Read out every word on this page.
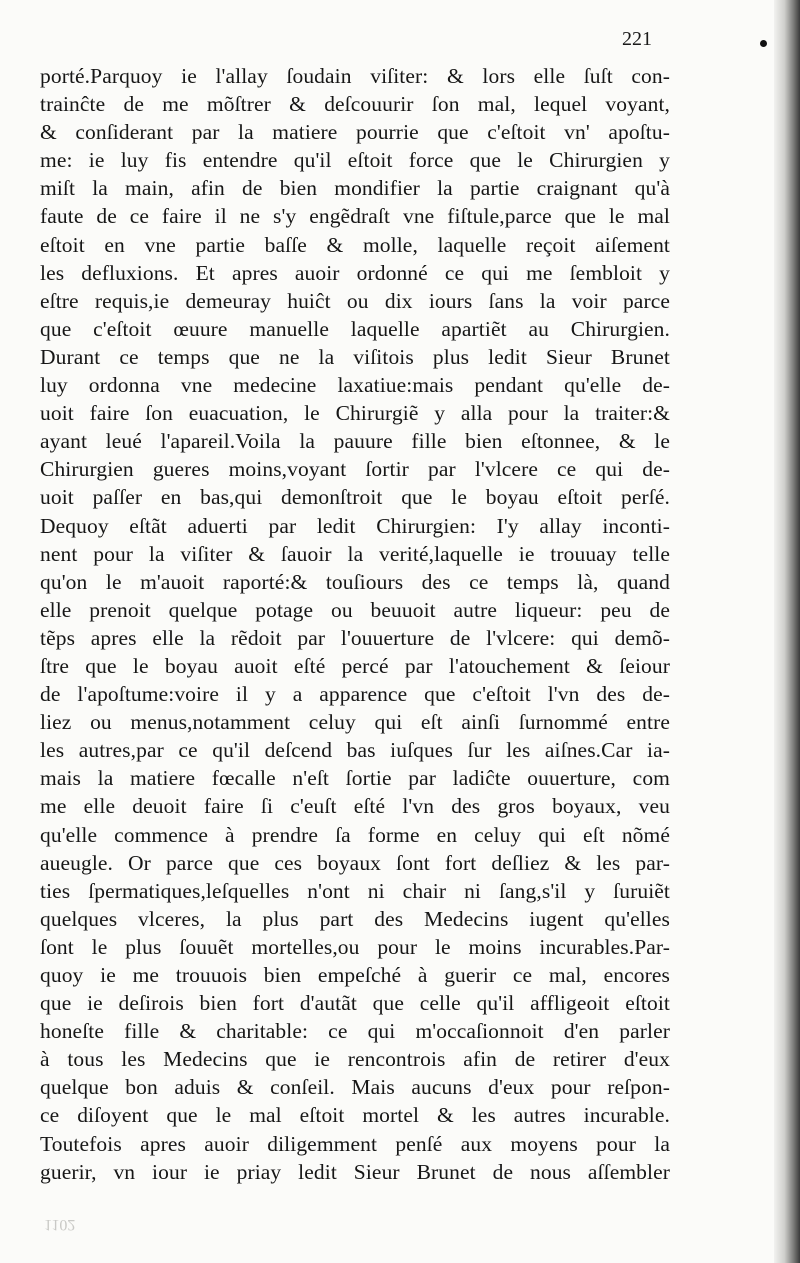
221
porté.Parquoy ie l'allay ſoudain viſiter: & lors elle ſuſt con-
trainĉte de me mõſtrer & deſcouurir ſon mal, lequel voyant,
& conſiderant par la matiere pourrie que c'eſtoit vn' apoſtu-
me: ie luy fis entendre qu'il eſtoit force que le Chirurgien y
miſt la main, afin de bien mondifier la partie craignant qu'à
faute de ce faire il ne s'y engẽdraſt vne fiſtule,parce que le mal
eſtoit en vne partie baſſe & molle, laquelle reçoit aiſement
les defluxions. Et apres auoir ordonné ce qui me ſembloit y
eſtre requis,ie demeuray huiĉt ou dix iours ſans la voir parce
que c'eſtoit œuure manuelle laquelle apartiẽt au Chirurgien.
Durant ce temps que ne la viſitois plus ledit Sieur Brunet
luy ordonna vne medecine laxatiue:mais pendant qu'elle de-
uoit faire ſon euacuation, le Chirurgiẽ y alla pour la traiter:&
ayant leué l'apareil.Voila la pauure fille bien eſtonnee, & le
Chirurgien gueres moins,voyant ſortir par l'vlcere ce qui de-
uoit paſſer en bas,qui demonſtroit que le boyau eſtoit perſé.
Dequoy eſtãt aduerti par ledit Chirurgien: I'y allay inconti-
nent pour la viſiter & ſauoir la verité,laquelle ie trouuay telle
qu'on le m'auoit raporté:& touſiours des ce temps là, quand
elle prenoit quelque potage ou beuuoit autre liqueur: peu de
tẽps apres elle la rẽdoit par l'ouuerture de l'vlcere: qui demõ-
ſtre que le boyau auoit eſté percé par l'atouchement & ſeiour
de l'apoſtume:voire il y a apparence que c'eſtoit l'vn des de-
liez ou menus,notamment celuy qui eſt ainſi ſurnommé entre
les autres,par ce qu'il deſcend bas iuſques ſur les aiſnes.Car ia-
mais la matiere fœcalle n'eſt ſortie par ladiĉte ouuerture, com
me elle deuoit faire ſi c'euſt eſté l'vn des gros boyaux, veu
qu'elle commence à prendre ſa forme en celuy qui eſt nõmé
aueugle. Or parce que ces boyaux ſont fort deſliez & les par-
ties ſpermatiques,leſquelles n'ont ni chair ni ſang,s'il y ſuruiẽt
quelques vlceres, la plus part des Medecins iugent qu'elles
ſont le plus ſouuẽt mortelles,ou pour le moins incurables.Par-
quoy ie me trouuois bien empeſché à guerir ce mal, encores
que ie deſirois bien fort d'autãt que celle qu'il affligeoit eſtoit
honeſte fille & charitable: ce qui m'occaſionnoit d'en parler
à tous les Medecins que ie rencontrois afin de retirer d'eux
quelque bon aduis & conſeil. Mais aucuns d'eux pour reſpon-
ce diſoyent que le mal eſtoit mortel & les autres incurable.
Toutefois apres auoir diligemment penſé aux moyens pour la
guerir, vn iour ie priay ledit Sieur Brunet de nous aſſembler
1102
